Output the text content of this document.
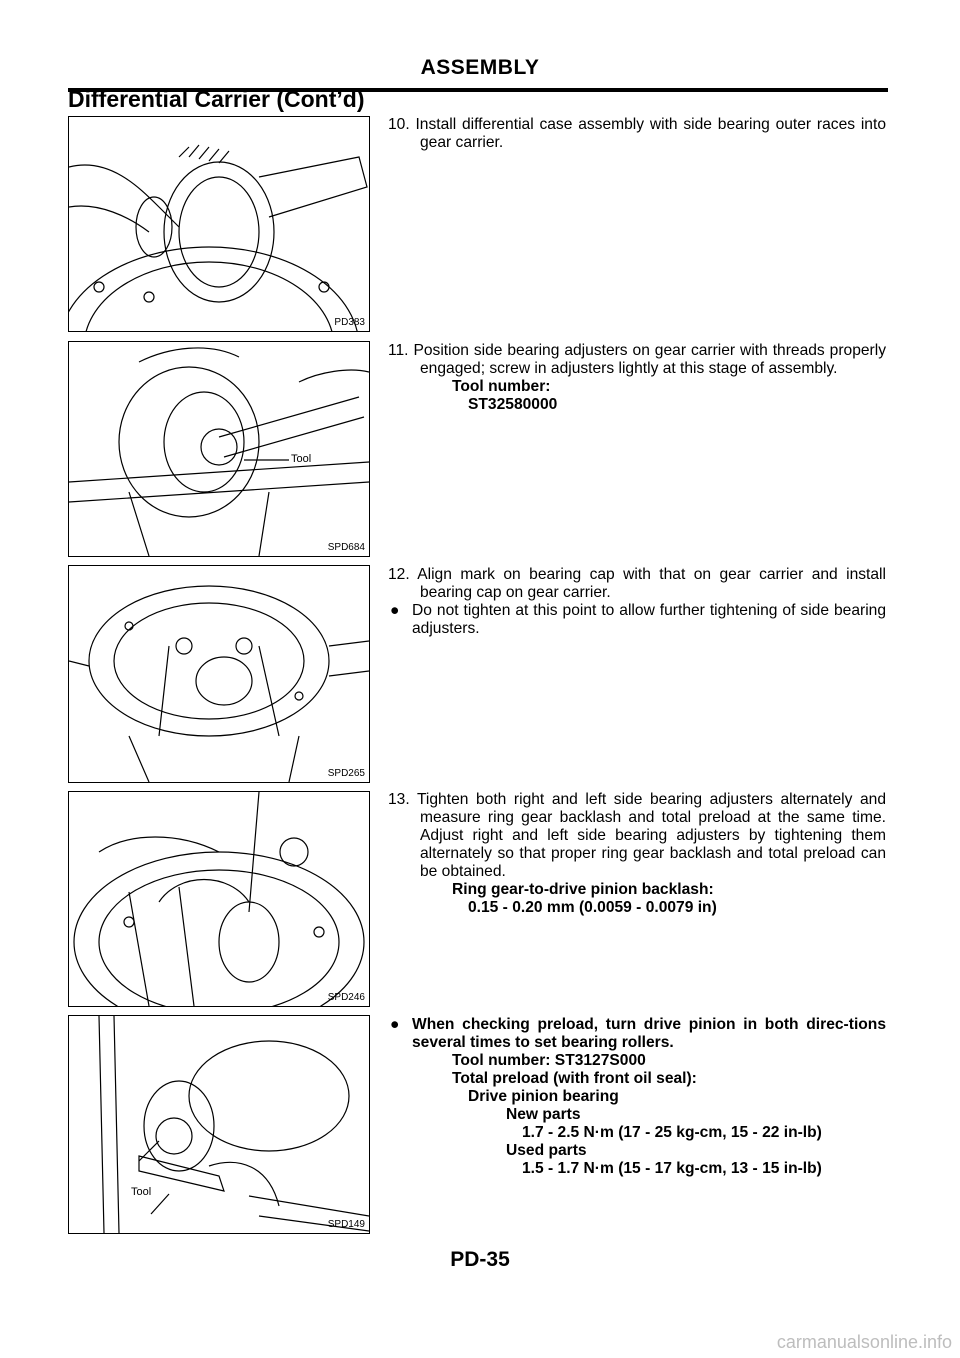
ASSEMBLY
Differential Carrier (Cont’d)
PD383
Tool
SPD684
SPD265
SPD246
Tool
SPD149

10. Install differential case assembly with side bearing outer races into gear carrier.

11. Position side bearing adjusters on gear carrier with threads properly engaged; screw in adjusters lightly at this stage of assembly.

Tool number:

ST32580000

12. Align mark on bearing cap with that on gear carrier and install bearing cap on gear carrier.

● Do not tighten at this point to allow further tightening of side bearing adjusters.

13. Tighten both right and left side bearing adjusters alternately and measure ring gear backlash and total preload at the same time. Adjust right and left side bearing adjusters by tightening them alternately so that proper ring gear backlash and total preload can be obtained.

Ring gear-to-drive pinion backlash:

0.15 - 0.20 mm (0.0059 - 0.0079 in)

● When checking preload, turn drive pinion in both direc-tions several times to set bearing rollers.

Tool number: ST3127S000

Total preload (with front oil seal):

Drive pinion bearing

New parts

1.7 - 2.5 N·m (17 - 25 kg-cm, 15 - 22 in-lb)

Used parts

1.5 - 1.7 N·m (15 - 17 kg-cm, 13 - 15 in-lb)

PD-35
carmanualsonline.info
